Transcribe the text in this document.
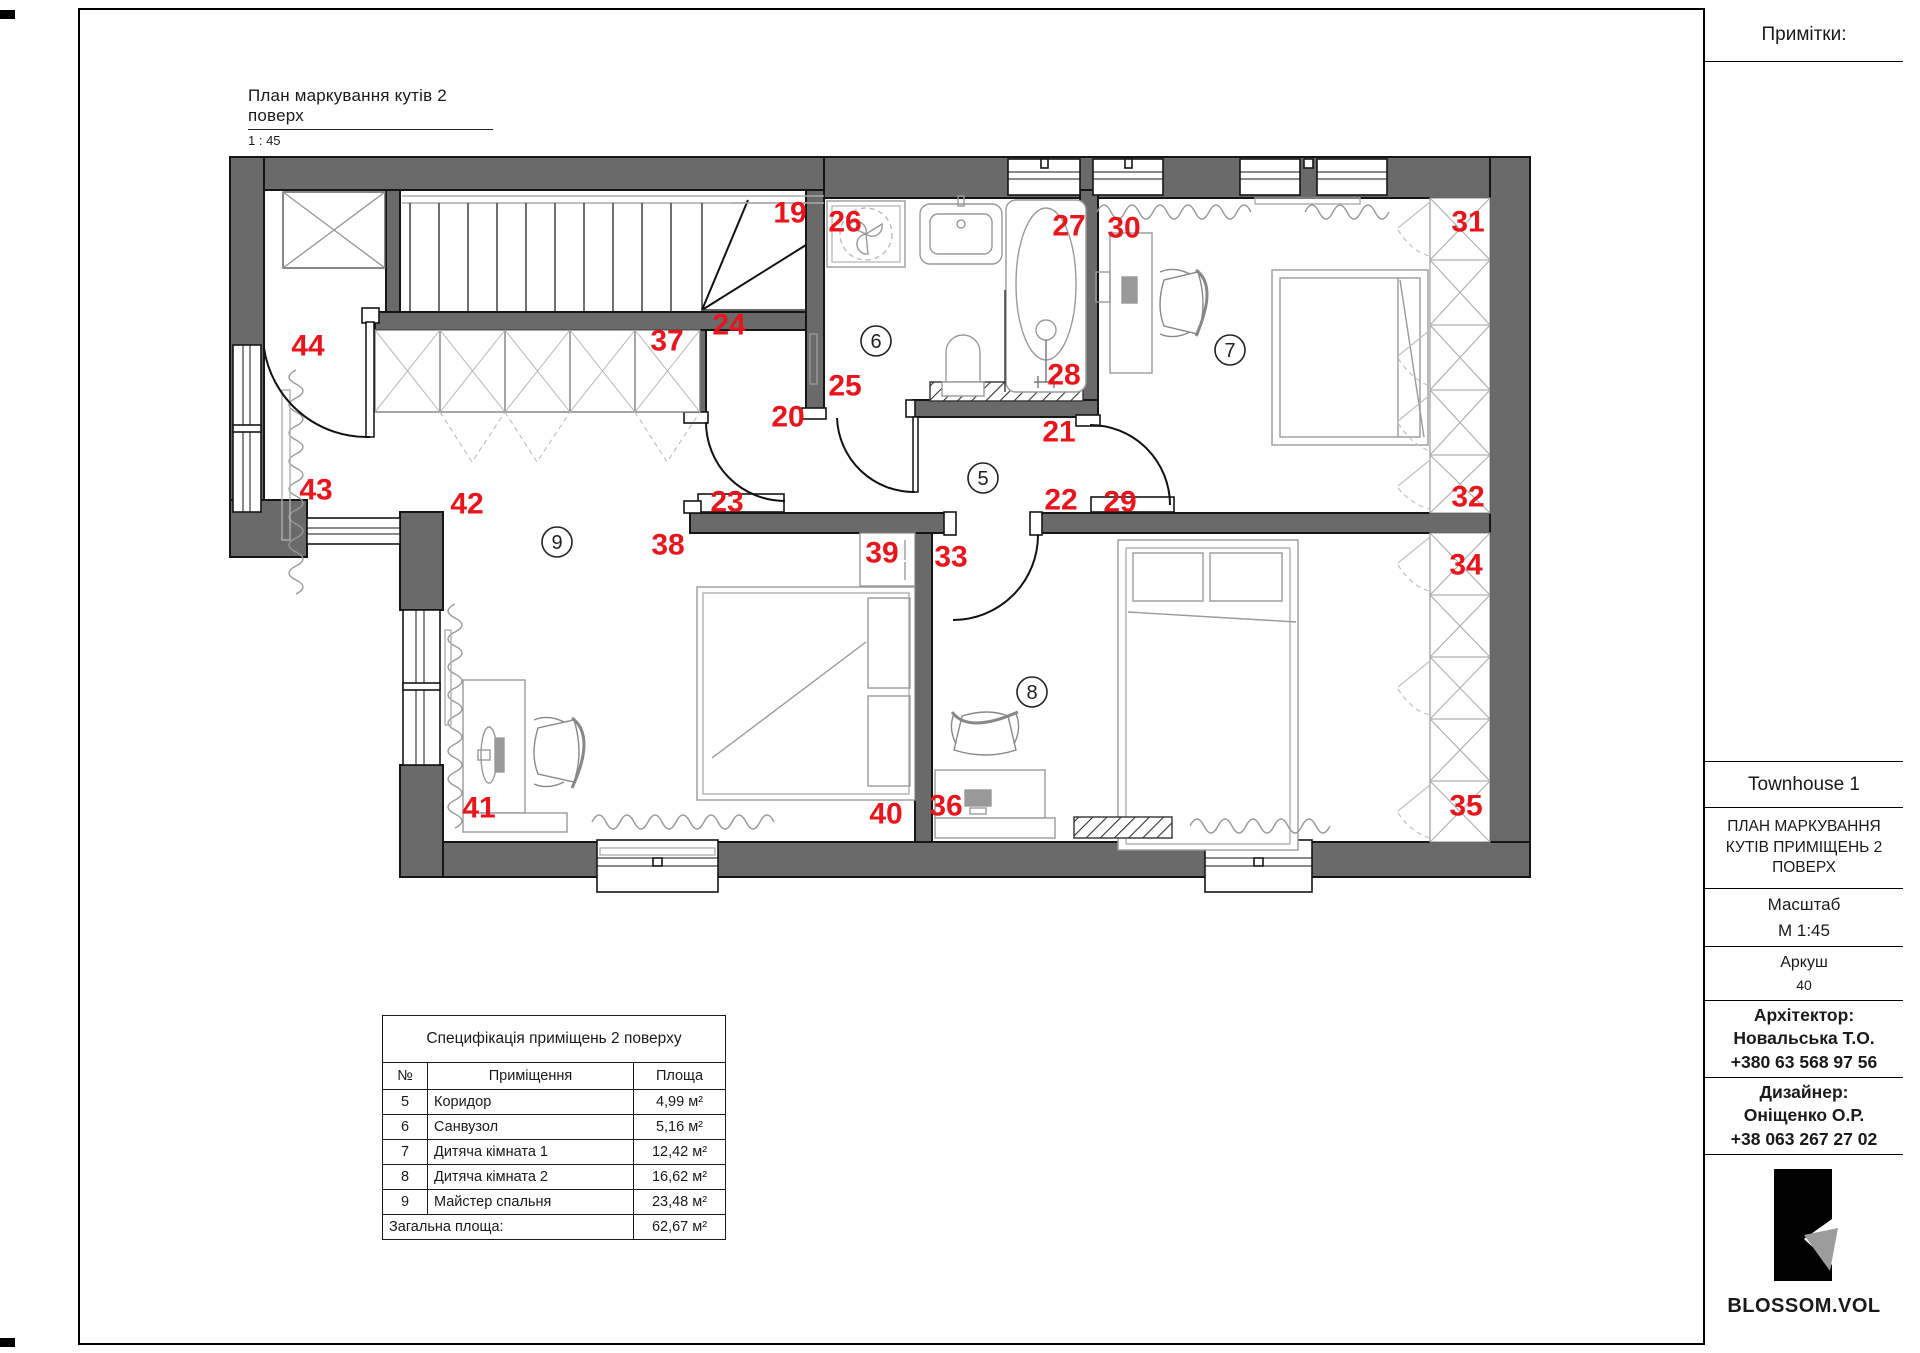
План маркування кутів 2 поверх
1 : 45
19
20	21
22
23
24
25
26	27
28
29
30	31
32
33	34
35
36
37
38	39
40
41
42
43
44
5
6	7
8
9
Специфікація приміщень 2 поверху		
№	Приміщення	Площа
5	Коридор	4,99 м²
6	Санвузол	5,16 м²
7	Дитяча кімната 1	12,42 м²
8	Дитяча кімната 2	16,62 м²
9	Майстер спальня	23,48 м²
Загальна площа:		62,67 м²
Примітки:
Townhouse 1
ПЛАН МАРКУВАННЯ КУТІВ ПРИМІЩЕНЬ 2 ПОВЕРХ
Масштаб
М 1:45
Аркуш
40
Архітектор:
Новальська Т.О.
+380 63 568 97 56
Дизайнер:
Оніщенко О.Р.
+38 063 267 27 02
BLOSSOM.VOL
